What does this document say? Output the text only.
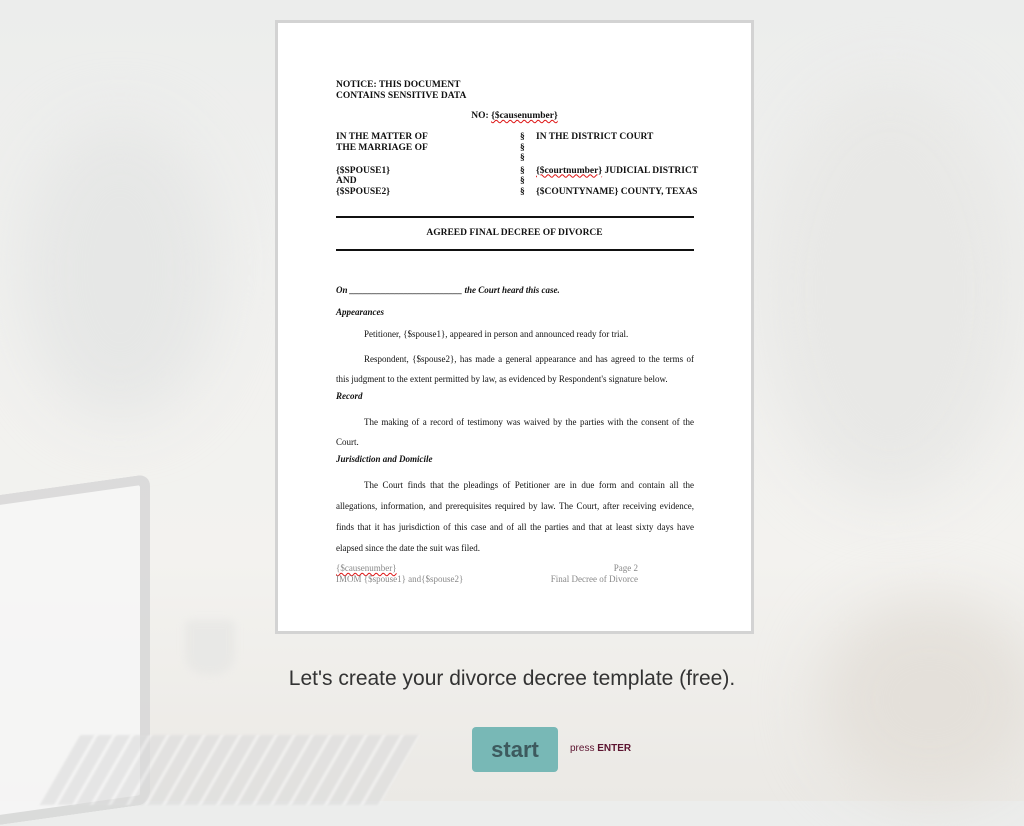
NOTICE: THIS DOCUMENT
CONTAINS SENSITIVE DATA
NO: {$causenumber}
IN THE MATTER OF
THE MARRIAGE OF
{$SPOUSE1}
AND
{$SPOUSE2}
§
§
§
§
§
§
IN THE DISTRICT COURT
{$courtnumber} JUDICIAL DISTRICT
{$COUNTYNAME} COUNTY, TEXAS
AGREED FINAL DECREE OF DIVORCE
On _________________________ the Court heard this case.
Appearances
Petitioner, {$spouse1}, appeared in person and announced ready for trial.
Respondent, {$spouse2}, has made a general appearance and has agreed to the terms of this judgment to the extent permitted by law, as evidenced by Respondent's signature below.
Record
The making of a record of testimony was waived by the parties with the consent of the Court.
Jurisdiction and Domicile
The Court finds that the pleadings of Petitioner are in due form and contain all the allegations, information, and prerequisites required by law. The Court, after receiving evidence, finds that it has jurisdiction of this case and of all the parties and that at least sixty days have elapsed since the date the suit was filed.
{$causenumber}
IMOM {$spouse1} and{$spouse2}
Page 2
Final Decree of Divorce
Let's create your divorce decree template (free).
start	press ENTER
